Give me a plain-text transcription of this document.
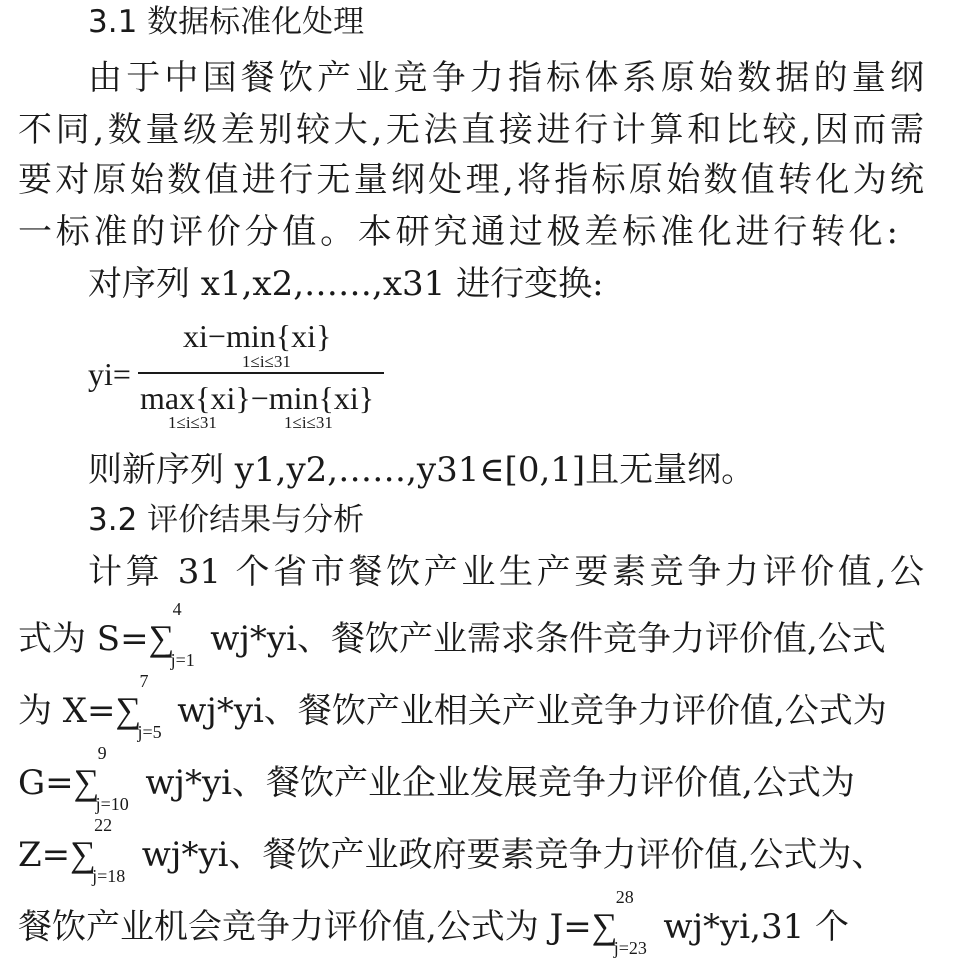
3.1 数据标准化处理
由于中国餐饮产业竞争力指标体系原始数据的量纲
不同,数量级差别较大,无法直接进行计算和比较,因而需
要对原始数值进行无量纲处理,将指标原始数值转化为统
一标准的评价分值。本研究通过极差标准化进行转化:
对序列 x1,x2,……,x31 进行变换:
yi=
xi−min{xi}
1≤i≤31
max{xi}−min{xi}
1≤i≤31	1≤i≤31
则新序列 y1,y2,……,y31∈[0,1]且无量纲。
3.2 评价结果与分析
计算 31 个省市餐饮产业生产要素竞争力评价值,公
式为 S=∑
4
j=1
wj*yi、餐饮产业需求条件竞争力评价值,公式
为 X=∑
7
j=5
wj*yi、餐饮产业相关产业竞争力评价值,公式为
G=∑
9
j=10
wj*yi、餐饮产业企业发展竞争力评价值,公式为
Z=∑
22
j=18
wj*yi、餐饮产业政府要素竞争力评价值,公式为、
餐饮产业机会竞争力评价值,公式为 J=∑
28
j=23
wj*yi,31 个
